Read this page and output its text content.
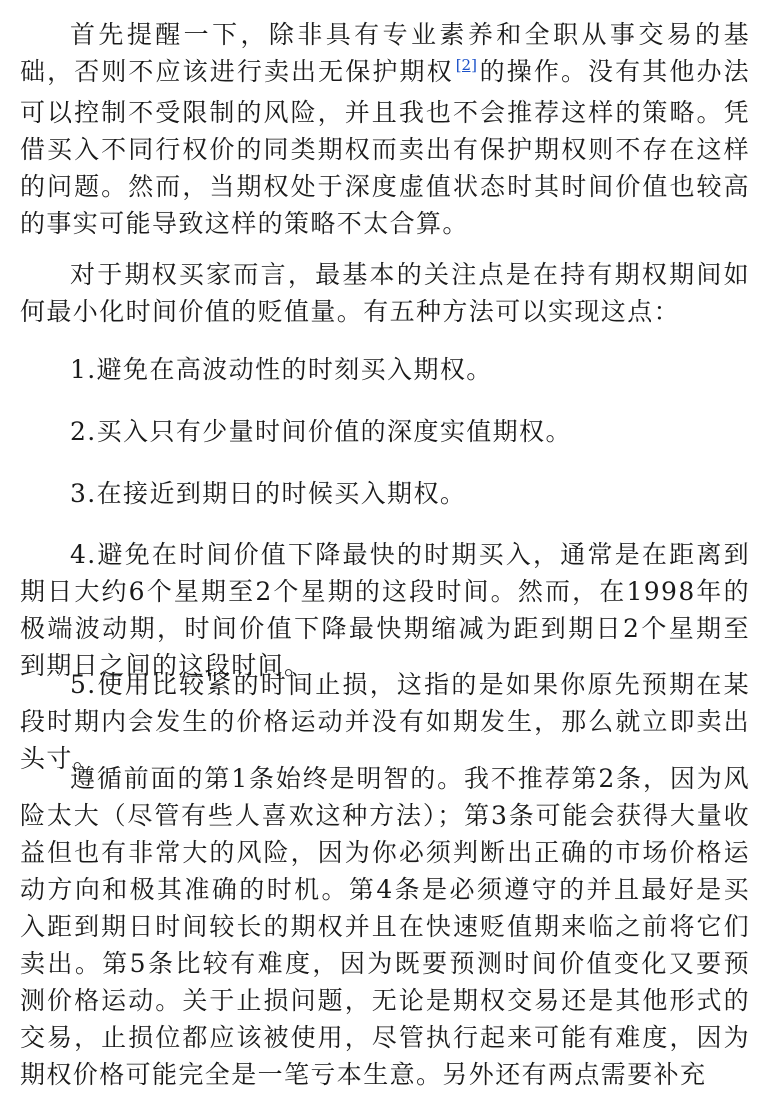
首先提醒一下，除非具有专业素养和全职从事交易的基础，否则不应该进行卖出无保护期权 [2]的操作。没有其他办法可以控制不受限制的风险，并且我也不会推荐这样的策略。凭借买入不同行权价的同类期权而卖出有保护期权则不存在这样的问题。然而，当期权处于深度虚值状态时其时间价值也较高的事实可能导致这样的策略不太合算。

对于期权买家而言，最基本的关注点是在持有期权期间如何最小化时间价值的贬值量。有五种方法可以实现这点：

1.避免在高波动性的时刻买入期权。

2.买入只有少量时间价值的深度实值期权。

3.在接近到期日的时候买入期权。

4.避免在时间价值下降最快的时期买入，通常是在距离到期日大约6个星期至2个星期的这段时间。然而，在1998年的极端波动期，时间价值下降最快期缩减为距到期日2个星期至到期日之间的这段时间。

5.使用比较紧的时间止损，这指的是如果你原先预期在某段时期内会发生的价格运动并没有如期发生，那么就立即卖出头寸。

遵循前面的第1条始终是明智的。我不推荐第2条，因为风险太大（尽管有些人喜欢这种方法）；第3条可能会获得大量收益但也有非常大的风险，因为你必须判断出正确的市场价格运动方向和极其准确的时机。第4条是必须遵守的并且最好是买入距到期日时间较长的期权并且在快速贬值期来临之前将它们卖出。第5条比较有难度，因为既要预测时间价值变化又要预测价格运动。关于止损问题，无论是期权交易还是其他形式的交易，止损位都应该被使用，尽管执行起来可能有难度，因为期权价格可能完全是一笔亏本生意。另外还有两点需要补充
